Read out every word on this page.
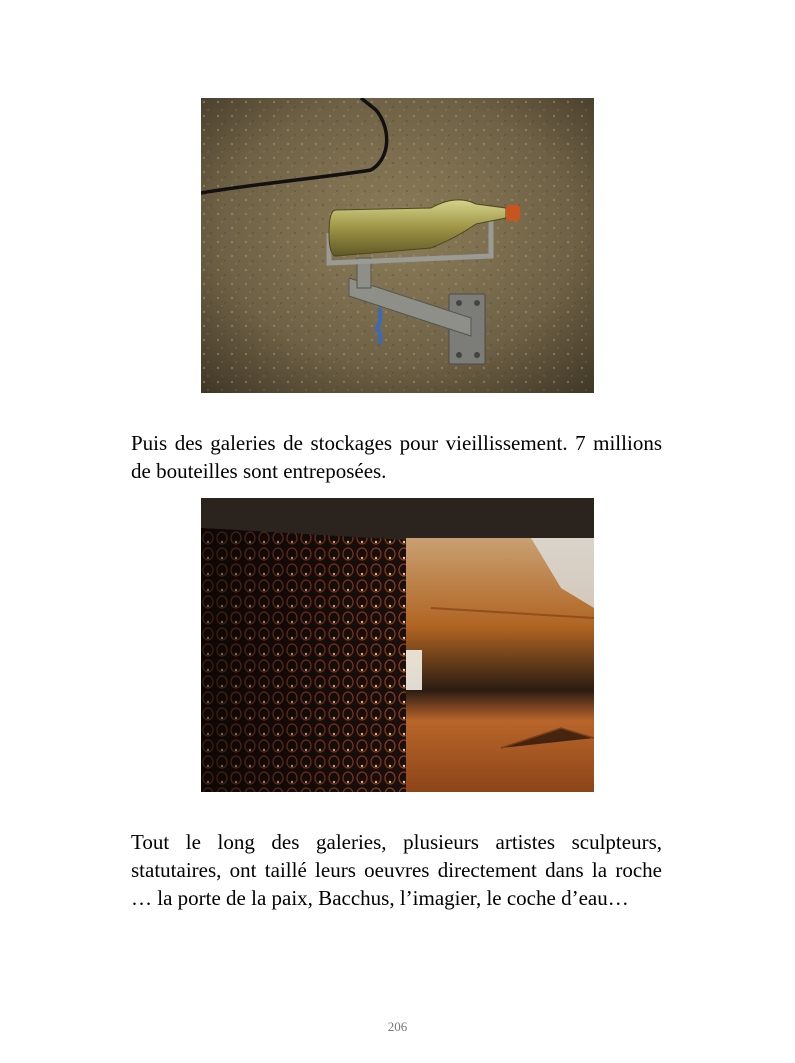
Puis des galeries de stockages pour vieillissement. 7 millions de bouteilles sont entreposées.

Tout le long des galeries, plusieurs artistes sculpteurs, statutaires, ont taillé leurs oeuvres directement dans la roche … la porte de la paix, Bacchus, l’imagier, le coche d’eau…

206
